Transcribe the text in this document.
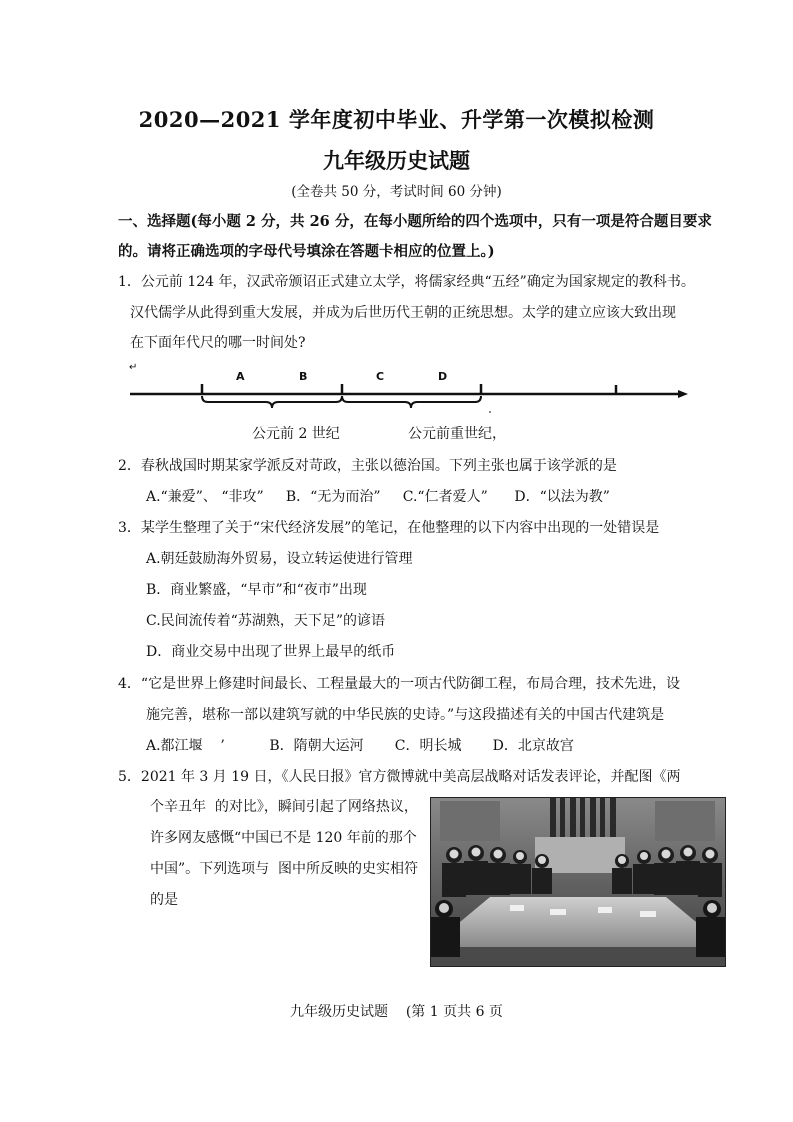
2020—2021 学年度初中毕业、升学第一次模拟检测
九年级历史试题
(全卷共 50 分，考试时间 60 分钟)
一、选择题(每小题 2 分，共 26 分，在每小题所给的四个选项中，只有一项是符合题目要求
的。请将正确选项的字母代号填涂在答题卡相应的位置上。)
1．公元前 124 年，汉武帝颁诏正式建立太学，将儒家经典“五经”确定为国家规定的教科书。
汉代儒学从此得到重大发展，并成为后世历代王朝的正统思想。太学的建立应该大致出现
在下面年代尺的哪一时间处?
↵
A	B	C	D
公元前 2 世纪	公元前重世纪，
2．春秋战国时期某家学派反对苛政，主张以德治国。下列主张也属于该学派的是
A.“兼爱”、 “非攻”     B．“无为而治”     C.“仁者爱人”      D．“以法为教”
3．某学生整理了关于“宋代经济发展”的笔记，在他整理的以下内容中出现的一处错误是
A.朝廷鼓励海外贸易，设立转运使进行管理
B．商业繁盛，“早市”和“夜市”出现
C.民间流传着“苏湖熟，天下足”的谚语
D．商业交易中出现了世界上最早的纸币
4．“它是世界上修建时间最长、工程量最大的一项古代防御工程，布局合理，技术先进，设
施完善，堪称一部以建筑写就的中华民族的史诗。”与这段描述有关的中国古代建筑是
A.都江堰    ’          B．隋朝大运河       C．明长城       D．北京故宫
5．2021 年 3 月 19 日，《人民日报》官方微博就中美高层战略对话发表评论，并配图《两
个辛丑年  的对比》，瞬间引起了网络热议，
许多网友感慨“中国已不是 120 年前的那个
中国”。下列选项与  图中所反映的史实相符
的是
九年级历史试题    (第 1 页共 6 页
